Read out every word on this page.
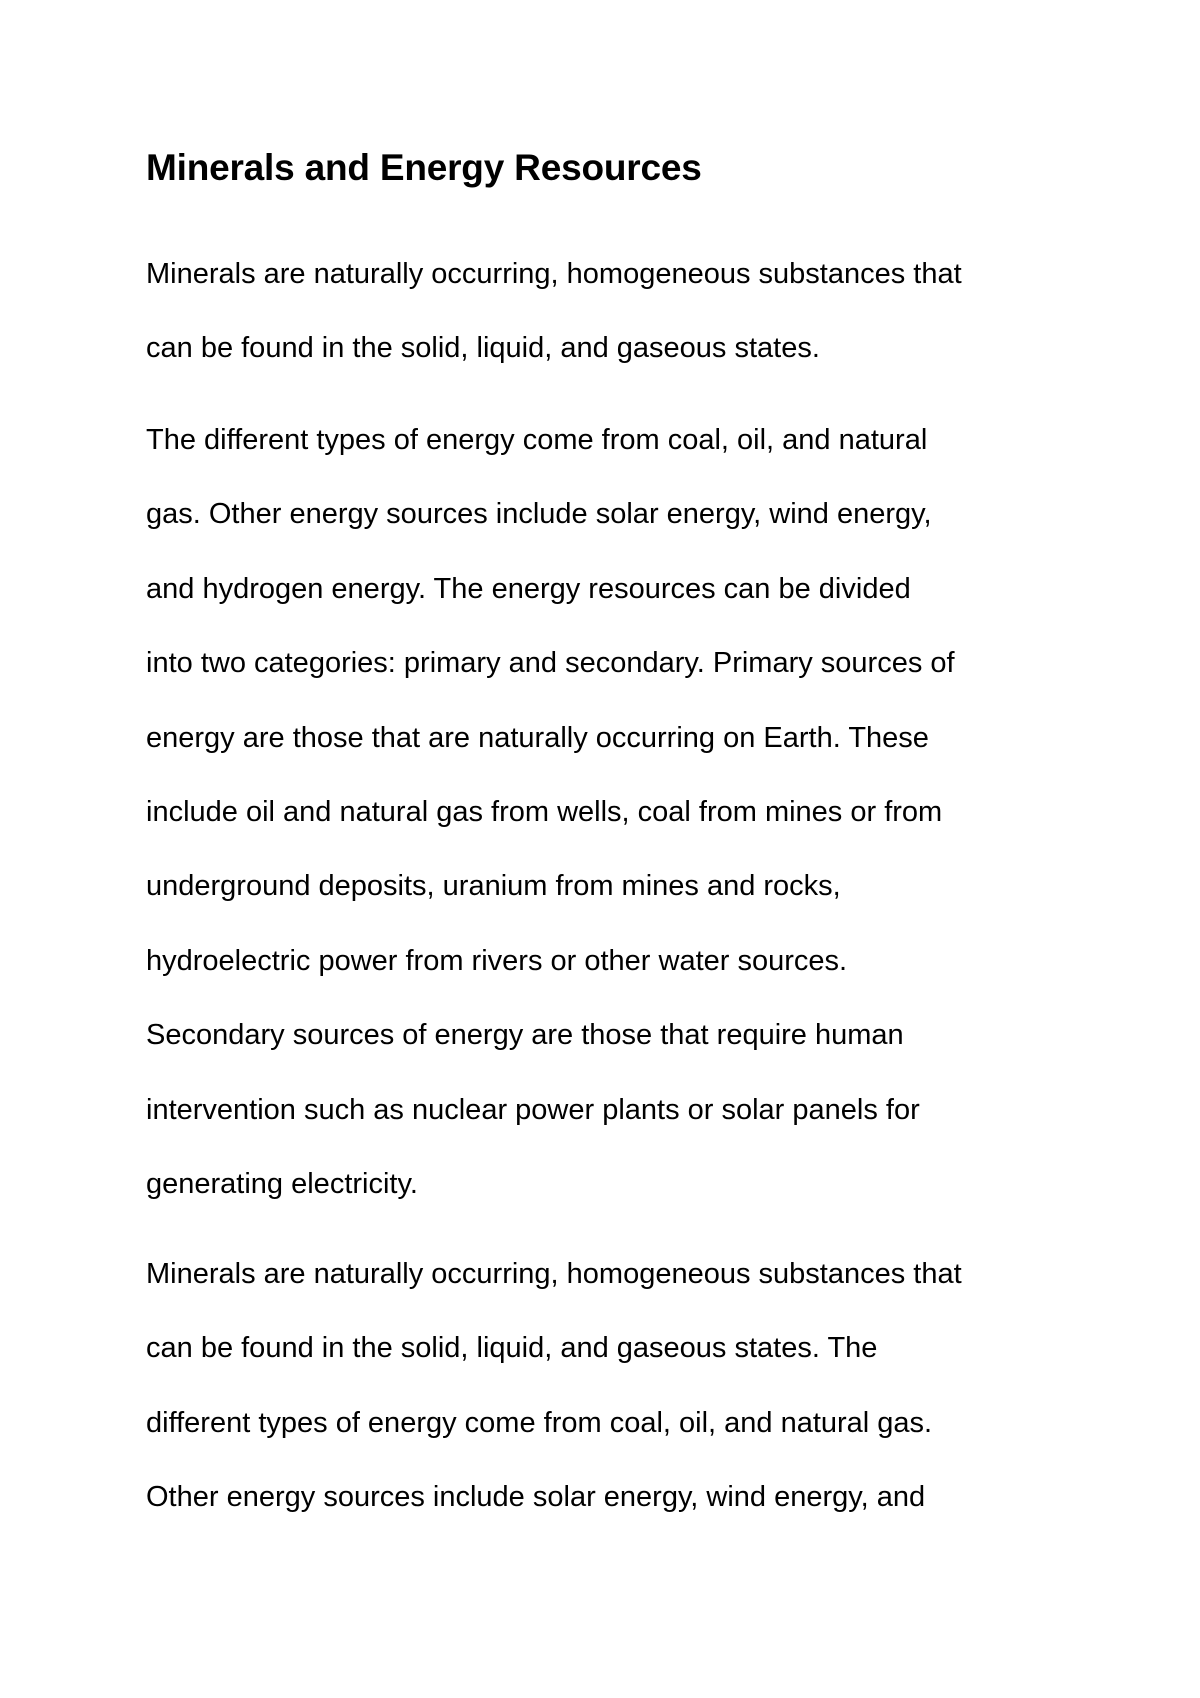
Minerals and Energy Resources

Minerals are naturally occurring, homogeneous substances that
can be found in the solid, liquid, and gaseous states.

The different types of energy come from coal, oil, and natural
gas. Other energy sources include solar energy, wind energy,
and hydrogen energy. The energy resources can be divided
into two categories: primary and secondary. Primary sources of
energy are those that are naturally occurring on Earth. These
include oil and natural gas from wells, coal from mines or from
underground deposits, uranium from mines and rocks,
hydroelectric power from rivers or other water sources.
Secondary sources of energy are those that require human
intervention such as nuclear power plants or solar panels for
generating electricity.

Minerals are naturally occurring, homogeneous substances that
can be found in the solid, liquid, and gaseous states. The
different types of energy come from coal, oil, and natural gas.
Other energy sources include solar energy, wind energy, and
